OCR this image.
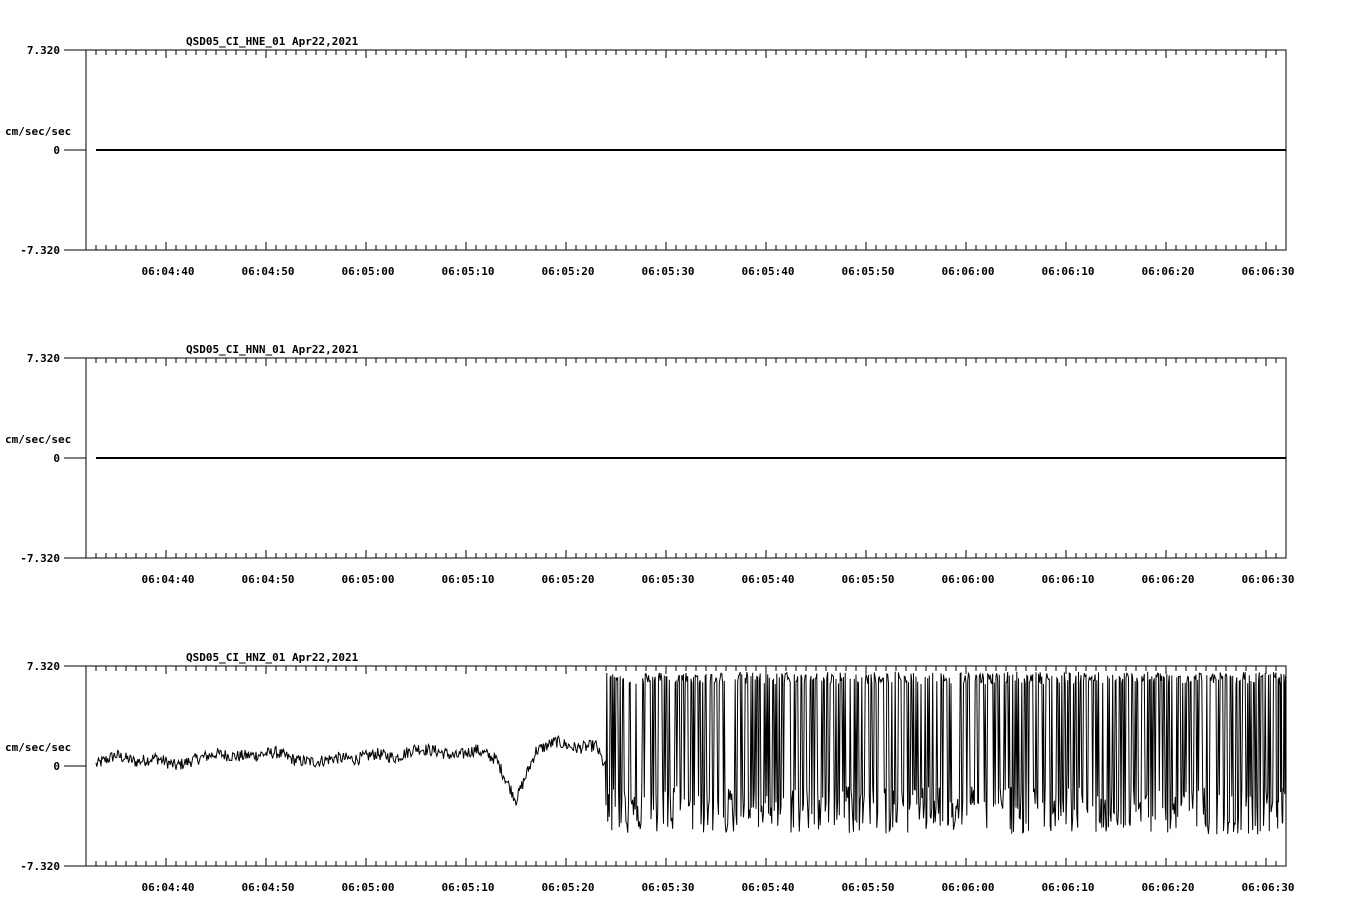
QSD05_CI_HNE_01 Apr22,2021
cm/sec/sec
7.320
0
-7.320
06:04:40	06:04:50	06:05:00	06:05:10	06:05:20	06:05:30	06:05:40	06:05:50	06:06:00	06:06:10	06:06:20	06:06:30
QSD05_CI_HNN_01 Apr22,2021
cm/sec/sec
7.320
0
-7.320
06:04:40	06:04:50	06:05:00	06:05:10	06:05:20	06:05:30	06:05:40	06:05:50	06:06:00	06:06:10	06:06:20	06:06:30
QSD05_CI_HNZ_01 Apr22,2021
cm/sec/sec
7.320
0
-7.320
06:04:40	06:04:50	06:05:00	06:05:10	06:05:20	06:05:30	06:05:40	06:05:50	06:06:00	06:06:10	06:06:20	06:06:30
